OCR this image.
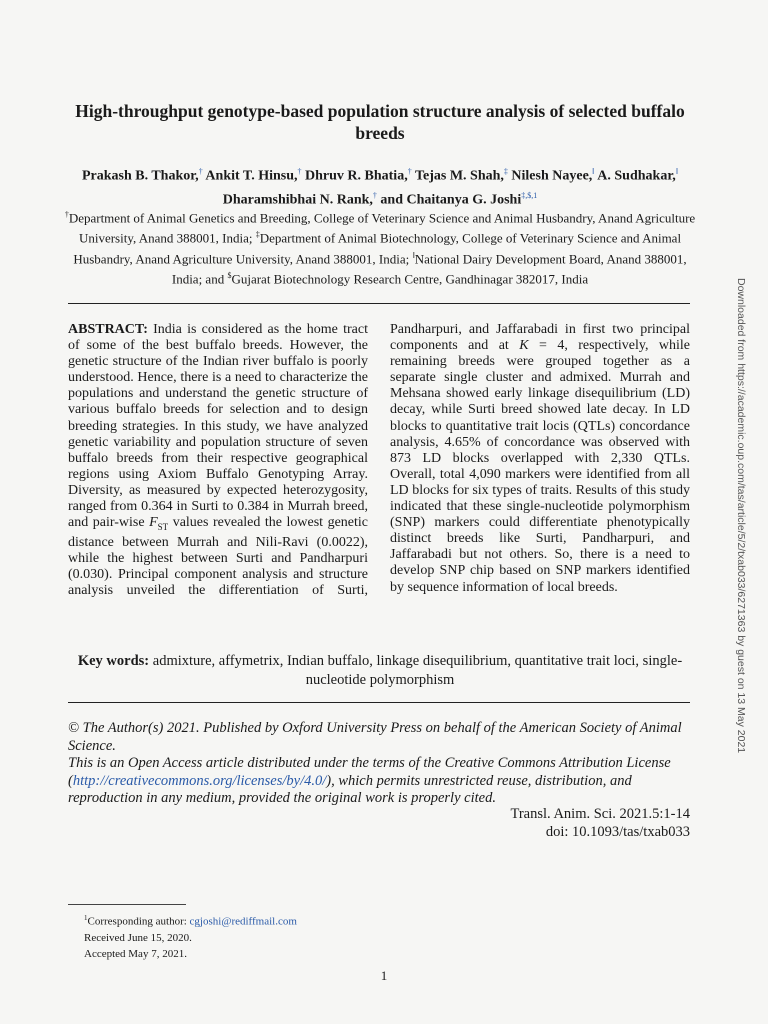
High-throughput genotype-based population structure analysis of selected buffalo breeds
Prakash B. Thakor,† Ankit T. Hinsu,† Dhruv R. Bhatia,† Tejas M. Shah,‡ Nilesh Nayee,‖ A. Sudhakar,‖
Dharamshibhai N. Rank,† and Chaitanya G. Joshi$^{\ddagger,\$,1}$
†Department of Animal Genetics and Breeding, College of Veterinary Science and Animal Husbandry, Anand Agriculture University, Anand 388001, India; ‡Department of Animal Biotechnology, College of Veterinary Science and Animal Husbandry, Anand Agriculture University, Anand 388001, India; ‖National Dairy Development Board, Anand 388001, India; and $Gujarat Biotechnology Research Centre, Gandhinagar 382017, India
ABSTRACT: India is considered as the home tract of some of the best buffalo breeds. However, the genetic structure of the Indian river buffalo is poorly understood. Hence, there is a need to characterize the populations and understand the genetic structure of various buffalo breeds for selection and to design breeding strategies. In this study, we have analyzed genetic variability and population structure of seven buffalo breeds from their respective geographical regions using Axiom Buffalo Genotyping Array. Diversity, as measured by expected heterozygosity, ranged from 0.364 in Surti to 0.384 in Murrah breed, and pair-wise $F_{ST}$ values revealed the lowest genetic distance between Murrah and Nili-Ravi (0.0022), while the highest between Surti and Pandharpuri (0.030). Principal component analysis and structure analysis unveiled the differentiation of Surti, Pandharpuri, and Jaffarabadi in first two principal components and at K = 4, respectively, while remaining breeds were grouped together as a separate single cluster and admixed. Murrah and Mehsana showed early linkage disequilibrium (LD) decay, while Surti breed showed late decay. In LD blocks to quantitative trait locis (QTLs) concordance analysis, 4.65% of concordance was observed with 873 LD blocks overlapped with 2,330 QTLs. Overall, total 4,090 markers were identified from all LD blocks for six types of traits. Results of this study indicated that these single-nucleotide polymorphism (SNP) markers could differentiate phenotypically distinct breeds like Surti, Pandharpuri, and Jaffarabadi but not others. So, there is a need to develop SNP chip based on SNP markers identified by sequence information of local breeds.
Key words: admixture, affymetrix, Indian buffalo, linkage disequilibrium, quantitative trait loci, single-nucleotide polymorphism
© The Author(s) 2021. Published by Oxford University Press on behalf of the American Society of Animal Science.
This is an Open Access article distributed under the terms of the Creative Commons Attribution License (http://creativecommons.org/licenses/by/4.0/), which permits unrestricted reuse, distribution, and reproduction in any medium, provided the original work is properly cited.
Transl. Anim. Sci. 2021.5:1-14
doi: 10.1093/tas/txab033
$^1$Corresponding author: cgjoshi@rediffmail.com
Received June 15, 2020.
Accepted May 7, 2021.
1
Downloaded from https://academic.oup.com/tas/article/5/2/txab033/6271363 by guest on 13 May 2021
